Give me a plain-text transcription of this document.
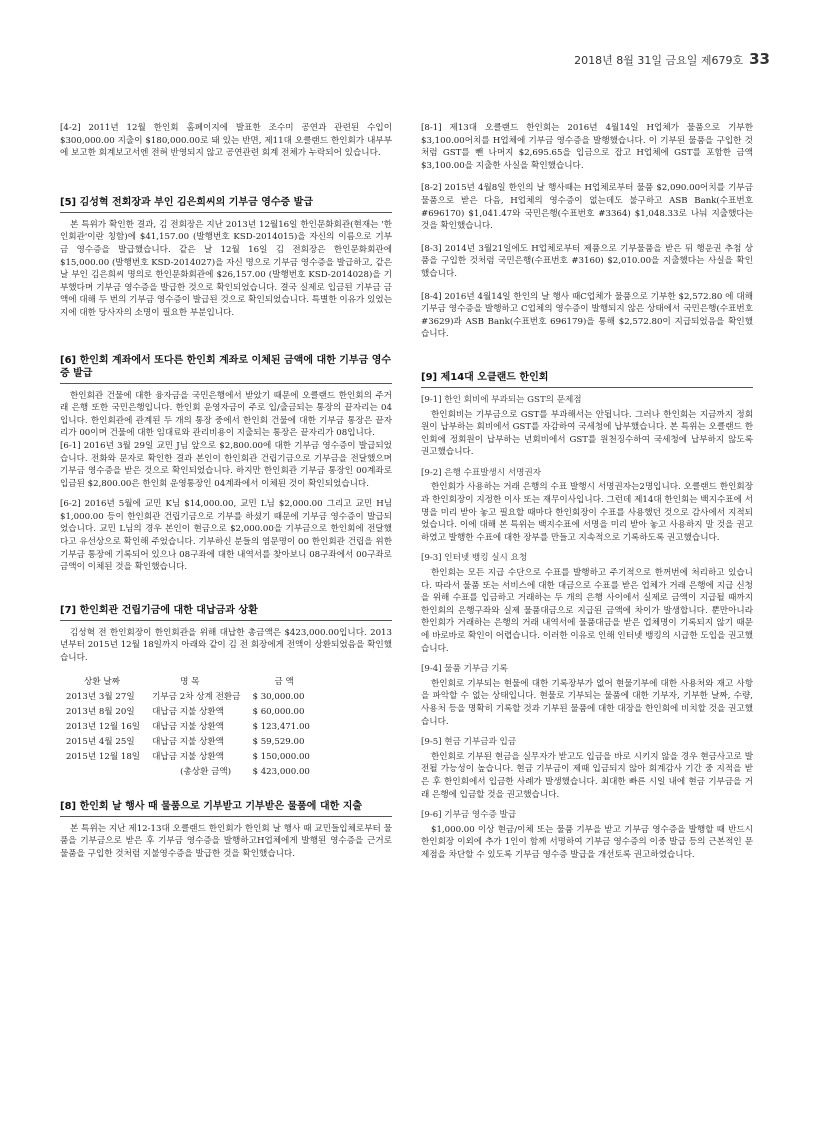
2018년 8월 31일 금요일 제679호 33

[4-2] 2011년 12월 한인회 홈페이지에 발표한 조수미 공연과 관련된 수입이 $300,000.00 지출이 $180,000.00로 돼 있는 반면, 제11대 오클랜드 한인회가 내부부에 보고한 회계보고서엔 전혀 반영되지 않고 공연관련 회계 전체가 누락되어 있습니다.

[5] 김성혁 전회장과 부인 김은희씨의 기부금 영수증 발급

본 특위가 확인한 결과, 김 전회장은 지난 2013년 12월16일 한인문화회관(현재는 '한인회관'이란 칭함)에 $41,157.00 (발행번호 KSD-2014015)을 자신의 이름으로 기부금 영수증을 발급했습니다. 같은 날 12월 16일 김 전회장은 한인문화회관에 $15,000.00 (발행번호 KSD-2014027)을 자신 명으로 기부금 영수증을 발급하고, 같은 날 부인 김은희씨 명의로 한인문화회관에 $26,157.00 (발행번호 KSD-2014028)을 기부했다며 기부금 영수증을 발급한 것으로 확인되었습니다. 결국 실제로 입금된 기부금 금액에 대해 두 번의 기부금 영수증이 발급된 것으로 확인되었습니다. 특별한 이유가 있었는지에 대한 당사자의 소명이 필요한 부분입니다.

[6] 한인회 계좌에서 또다른 한인회 계좌로 이체된 금액에 대한 기부금 영수증 발급

한인회관 건물에 대한 융자금을 국민은행에서 받았기 때문에 오클랜드 한인회의 주거래 은행 또한 국민은행입니다. 한인회 운영자금이 주로 입/출금되는 통장의 끝자리는 04입니다. 한인회관에 관계된 두 개의 통장 중에서 한인회 건물에 대한 기부금 통장은 끝자리가 00이며 건물에 대한 임대료와 관리비용이 지출되는 통장은 끝자리가 08입니다.

[6-1] 2016년 3월 29일 교민 J님 앞으로 $2,800.00에 대한 기부금 영수증이 발급되었습니다. 전화와 문자로 확인한 결과 본인이 한인회관 건립기금으로 기부금을 전달했으며 기부금 영수증을 받은 것으로 확인되었습니다. 하지만 한인회관 기부금 통장인 00계좌로 입금된 $2,800.00은 한인회 운영통장인 04계좌에서 이체된 것이 확인되었습니다.

[6-2] 2016년 5월에 교민 K님 $14,000.00, 교민 L님 $2,000.00 그리고 교민 H님 $1,000.00 등이 한인회관 건립기금으로 기부를 하셨기 때문에 기부금 영수증이 발급되었습니다. 교민 L님의 경우 본인이 현금으로 $2,000.00을 기부금으로 한인회에 전달했다고 유선상으로 확인해 주었습니다. 기부하신 분들의 염문명이 00 한인회관 건립을 위한 기부금 통장에 기록되어 있으나 08구좌에 대한 내역서를 찾아보니 08구좌에서 00구좌로 금액이 이체된 것을 확인했습니다.

[7] 한인회관 건립기금에 대한 대납금과 상환

김성혁 전 한인회장이 한인회관을 위해 대납한 총금액은 $423,000.00입니다. 2013년부터 2015년 12월 18일까지 아래와 같이 김 전 회장에게 전액이 상환되었음을 확인했습니다.

상환 날짜	명 목	금 액
2013년 3월 27일	기부금 2차 상계 전환금	$ 30,000.00
2013년 8월 20일	대납금 지불 상환액	$ 60,000.00
2013년 12월 16일	대납금 지불 상환액	$ 123,471.00
2015년 4월 25일	대납금 지불 상환액	$ 59,529.00
2015년 12월 18일	대납금 지불 상환액	$ 150,000.00
	(총상환 금액)	$ 423,000.00
[8] 한인회 날 행사 때 물품으로 기부받고 기부받은 물품에 대한 지출

본 특위는 지난 제12-13대 오클랜드 한인회가 한인회 날 행사 때 교민들입체로부터 물품을 기부금으로 받은 후 기부금 영수증을 발행하고H업체에게 발행된 영수증을 근거로 물품을 구입한 것처럼 지불영수증을 발급한 것을 확인했습니다.

[8-1] 제13대 오클랜드 한인회는 2016년 4월14일 H업체가 물품으로 기부한 $3,100.00어치를 H업체에 기부금 영수증을 발행했습니다. 이 기부된 물품을 구입한 것처럼 GST를 뺀 나머지 $2,695.65을 입금으로 잡고 H업체에 GST를 포함한 금액 $3,100.00을 지출한 사실을 확인했습니다.

[8-2] 2015년 4월8일 한인의 날 행사때는 H업체로부터 물품 $2,090.00어치를 기부금 물품으로 받은 다음, H업체의 영수증이 없는데도 불구하고 ASB Bank(수표번호 #696170) $1,041.47와 국민은행(수표번호 #3364) $1,048.33로 나눠 지출했다는 것을 확인했습니다.

[8-3] 2014년 3월21일에도 H업체로부터 제품으로 기부물품을 받은 뒤 행운권 추첨 상품을 구입한 것처럼 국민은행(수표번호 #3160) $2,010.00을 지출했다는 사실을 확인했습니다.

[8-4] 2016년 4월14일 한인의 날 행사 때C업체가 물품으로 기부한 $2,572.80 에 대해 기부금 영수증을 발행하고 C업체의 영수증이 발행되지 않은 상태에서 국민은행(수표번호 #3629)과 ASB Bank(수표번호 696179)을 통해 $2,572.80이 지급되었음을 확인했습니다.

[9] 제14대 오클랜드 한인회
[9-1] 한인 회비에 부과되는 GST의 문제점

한인회비는 기부금으로 GST를 부과해서는 안됩니다. 그러나 한인회는 지금까지 정회원이 납부하는 회비에서 GST를 자감하여 국세청에 납부했습니다. 본 특위는 오클랜드 한인회에 정회원이 납부하는 년회비에서 GST를 원천징수하여 국세청에 납부하지 않도록 권고했습니다.

[9-2] 은행 수표발생시 서명권자

한인회가 사용하는 거래 은행의 수표 발행시 서명권자는2명입니다. 오클랜드 한인회장과 한인회장이 지정한 이사 또는 재무이사입니다. 그런데 제14대 한인회는 백지수표에 서명을 미리 받아 놓고 필요할 때마다 한인회장이 수표를 사용했던 것으로 감사에서 지적되었습니다. 이에 대해 본 특위는 백지수표에 서명을 미리 받아 놓고 사용하지 말 것을 권고하였고 발행한 수표에 대한 장부를 만들고 지속적으로 기록하도록 권고했습니다.

[9-3] 인터넷 뱅킹 실시 요청

한인회는 모든 지급 수단으로 수표를 발행하고 주기적으로 한꺼번에 처리하고 있습니다. 따라서 물품 또는 서비스에 대한 대금으로 수표를 받은 업체가 거래 은행에 지급 신청을 위해 수표를 입금하고 거래하는 두 개의 은행 사이에서 실제로 금액이 지급될 때까지 한인회의 은행구좌와 실제 물품대금으로 지급된 금액에 차이가 발생합니다. 뿐만아니라 한인회가 거래하는 은행의 거래 내역서에 물품대금을 받은 업체명이 기록되지 않기 때문에 바로바로 확인이 어렵습니다. 이러한 이유로 인해 인터넷 뱅킹의 시급한 도입을 권고했습니다.

[9-4] 물품 기부금 기록

한인회로 기부되는 현물에 대한 기록장부가 없어 현물기부에 대한 사용처와 재고 사항을 파악할 수 없는 상태입니다. 현물로 기부되는 물품에 대한 기부자, 기부한 날짜, 수량, 사용처 등을 명확히 기록할 것과 기부된 물품에 대한 대장을 한인회에 비치할 것을 권고했습니다.

[9-5] 현금 기부금과 입금

한인회로 기부된 현금을 실무자가 받고도 입금을 바로 시키지 않을 경우 현금사고로 발전될 가능성이 높습니다. 현금 기부금이 제때 입금되지 않아 회계감사 기간 중 지적을 받은 후 한인회에서 입금한 사례가 발생했습니다. 최대한 빠른 시일 내에 현금 기부금을 거래 은행에 입금할 것을 권고했습니다.

[9-6] 기부금 영수증 발급

$1,000.00 이상 현금/이체 또는 물품 기부을 받고 기부금 영수증을 발행할 때 반드시 한인회장 이외에 추가 1인이 함께 서명하여 기부금 영수증의 이중 발급 등의 근본적인 문제점을 차단할 수 있도록 기부금 영수증 발급을 개선토록 권고하였습니다.
